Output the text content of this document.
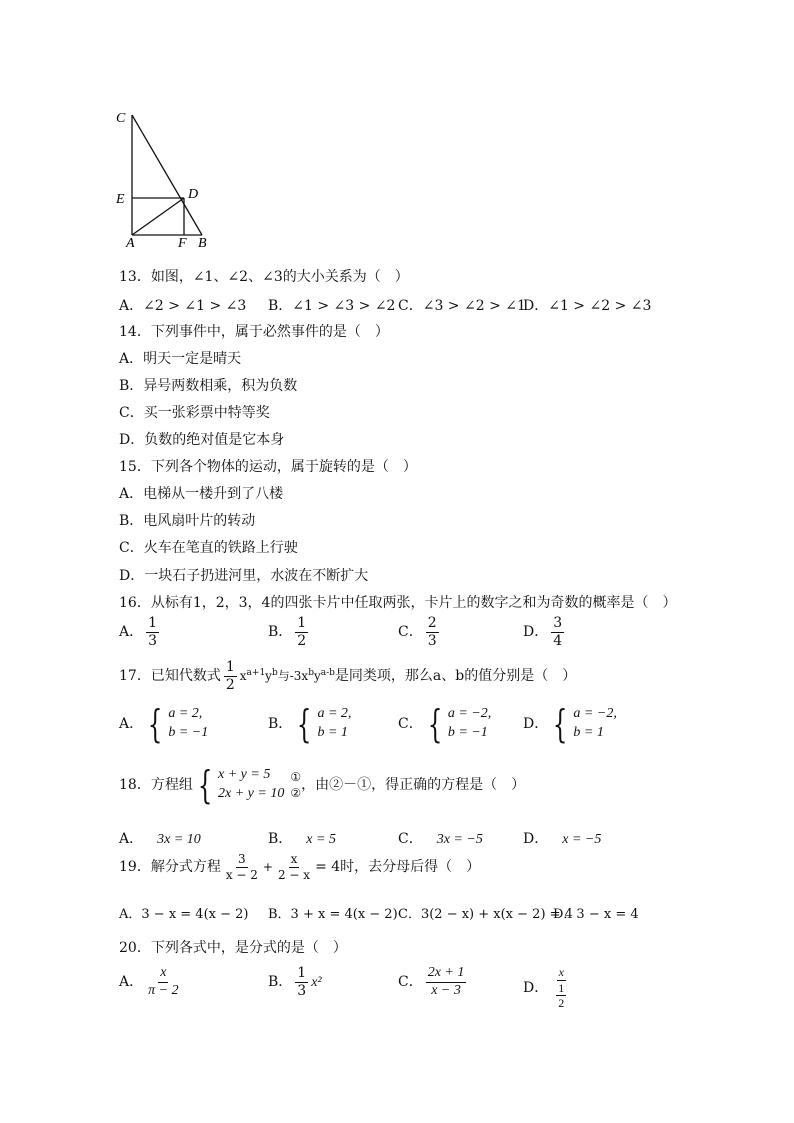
C
E	D
A	F B
13．如图，∠1、∠2、∠3的大小关系为（　）
A．∠2 > ∠1 > ∠3 B．∠1 > ∠3 > ∠2 C．∠3 > ∠2 > ∠1
D．∠1 > ∠2 > ∠3
14．下列事件中，属于必然事件的是（　）
A．明天一定是晴天
B．异号两数相乘，积为负数
C．买一张彩票中特等奖
D．负数的绝对值是它本身
15．下列各个物体的运动，属于旋转的是（　）
A．电梯从一楼升到了八楼
B．电风扇叶片的转动
C．火车在笔直的铁路上行驶
D．一块石子扔进河里，水波在不断扩大
16．从标有1，2，3，4的四张卡片中任取两张，卡片上的数字之和为奇数的概率是（　）
A． $\frac{1}{3}$	B． $\frac{1}{2}$	C． $\frac{2}{3}$	D． $\frac{3}{4}$
17．已知代数式 $\frac{1}{2} x^{a+1}y^b$与$-3x^by^{a-b}$是同类项，那么a、b的值分别是（　）
A． { a = 2,
b = −1
B． { a = 2,
b = 1
C． { a = −2,
b = −1
D． { a = −2,
b = 1
18．方程组 { x + y = 5
2x + y = 10
①
② ，由②－①，得正确的方程是（　）
A． 3x = 10	B． x = 5	C． 3x = −5	D． x = −5
19．解分式方程 $\frac{3}{x - 2} + \frac{x}{2 - x} = 4$时，去分母后得（　）
A．3 − x = 4(x − 2) B．3 + x = 4(x − 2) C．3(2 − x) + x(x − 2) = 4
D．3 − x = 4
20．下列各式中，是分式的是（　）
A． $\frac{x}{\pi - 2}$	B． $\frac{1}{3} x^2$	C． $\frac{2x + 1}{x - 3}$	D． $\frac{x}{\frac{1}{2}}$
